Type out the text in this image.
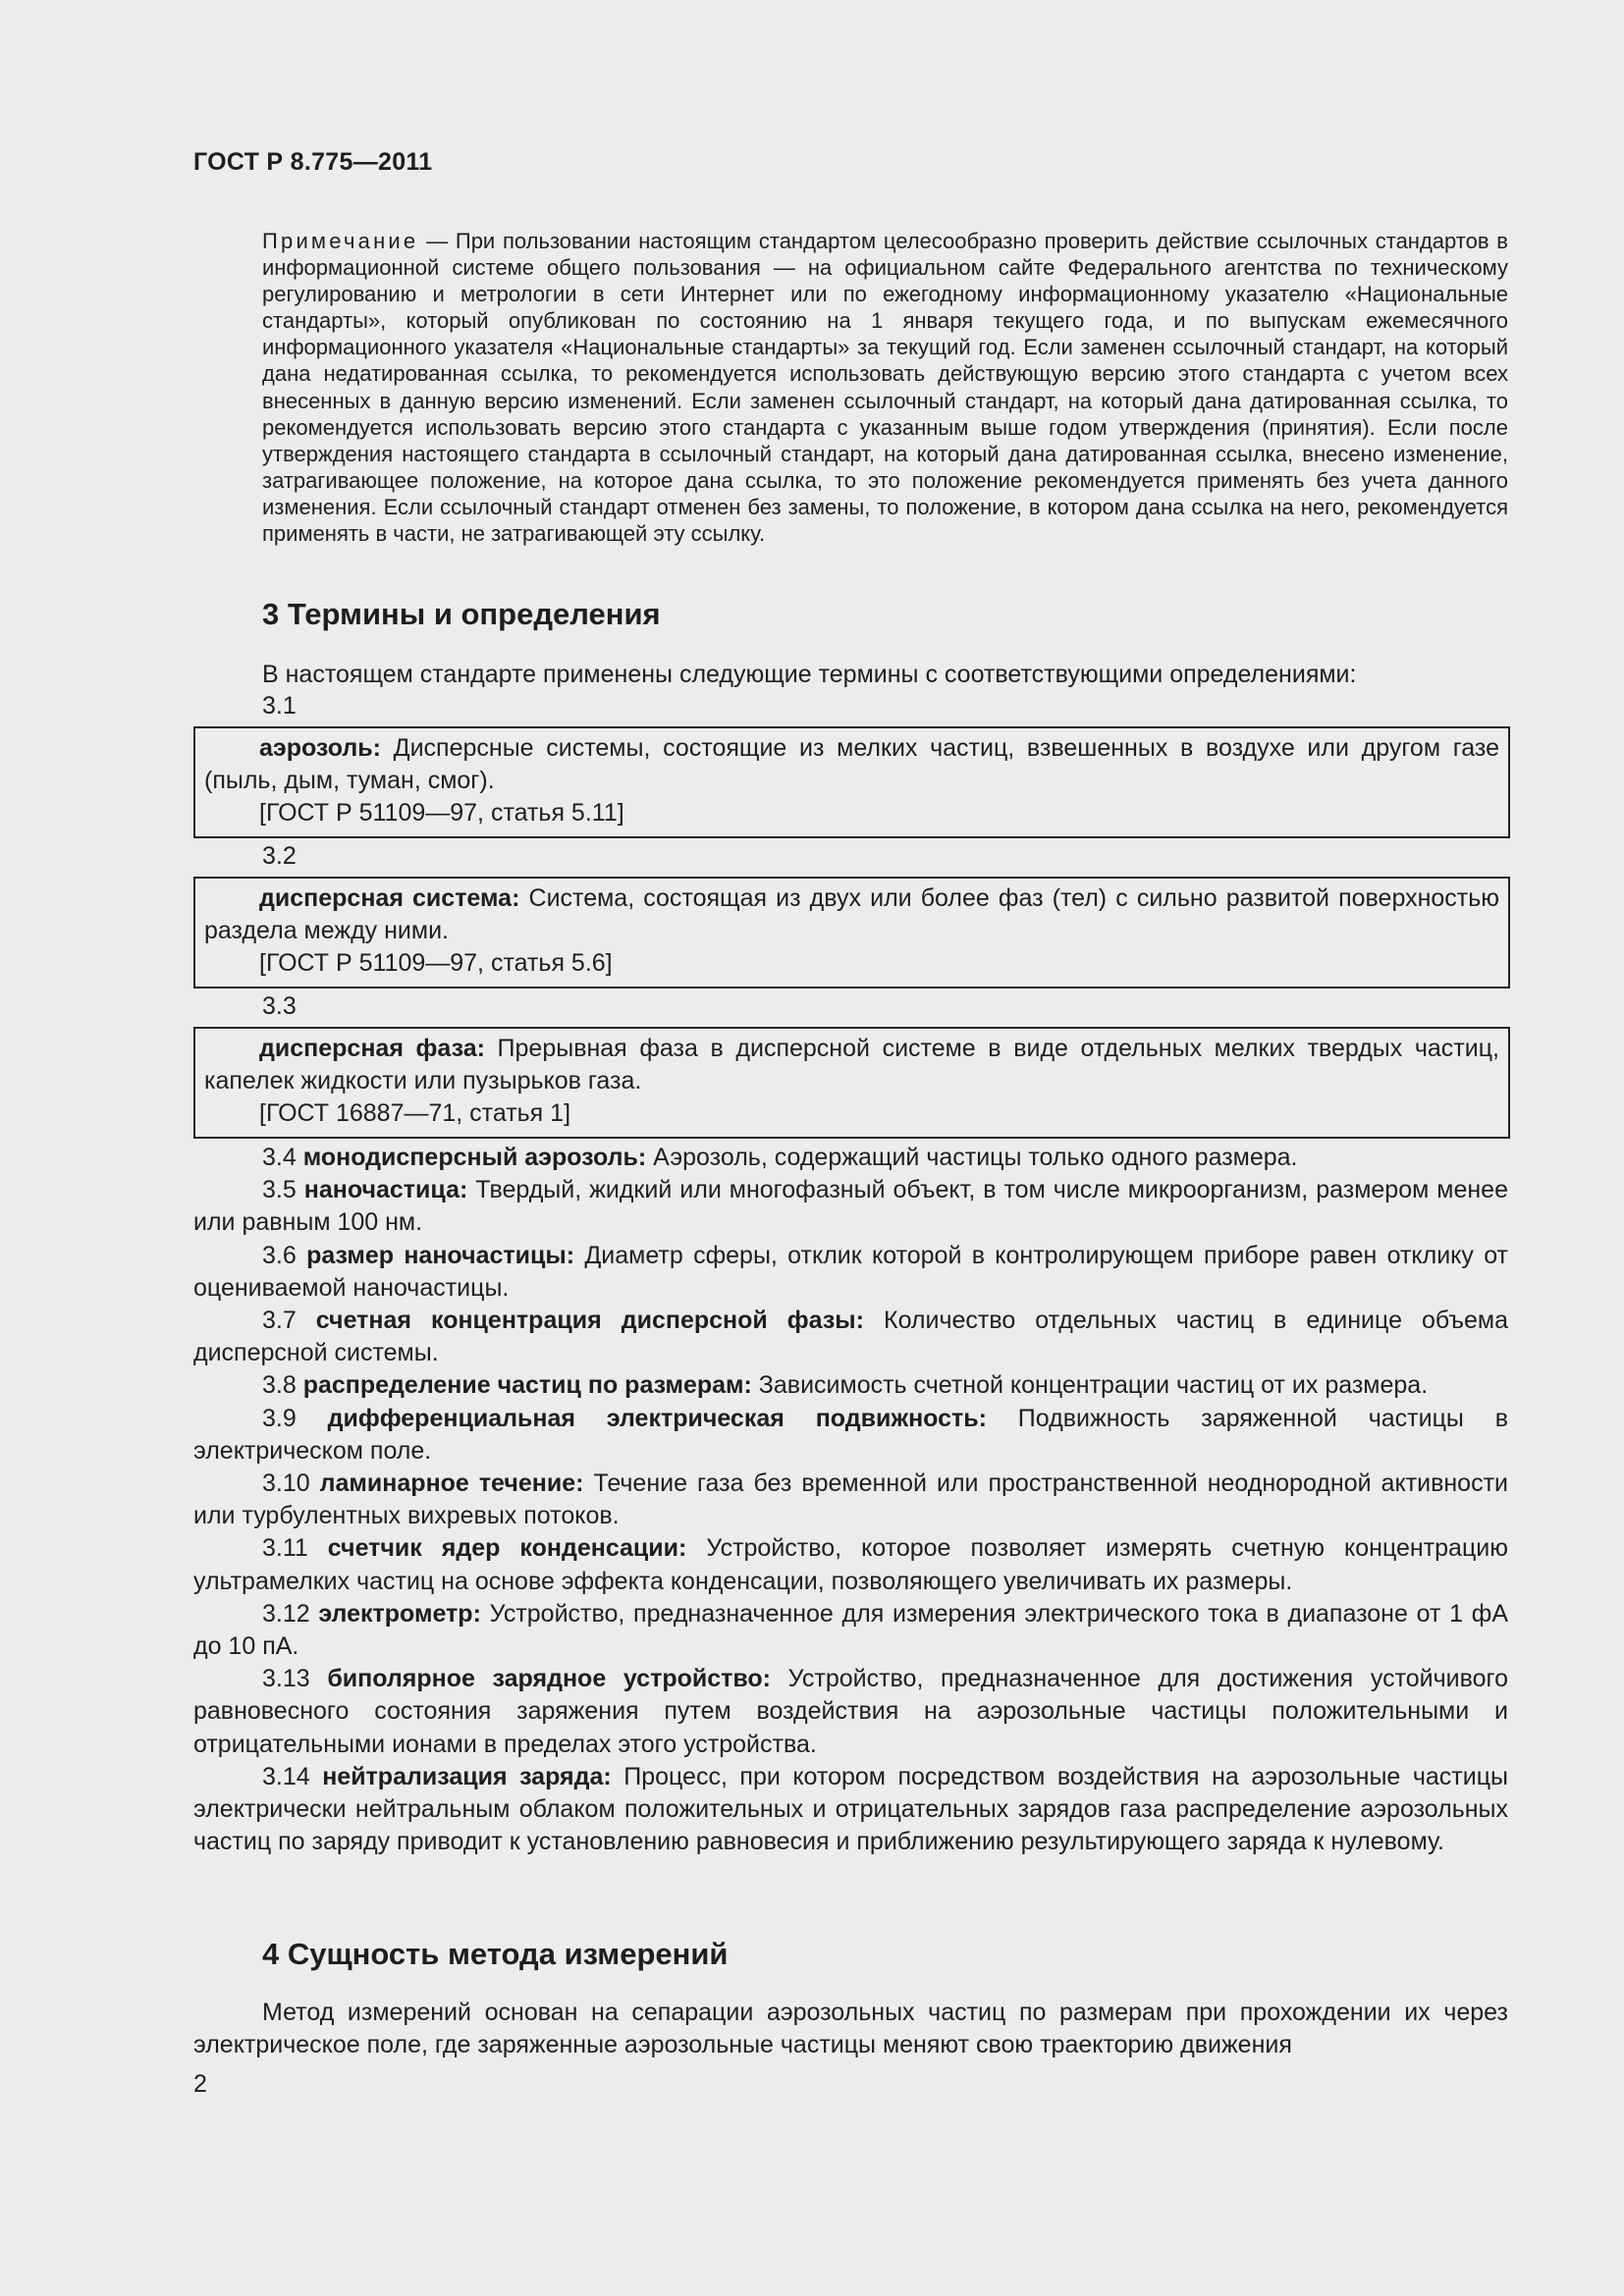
ГОСТ Р 8.775—2011
Примечание — При пользовании настоящим стандартом целесообразно проверить действие ссылочных стандартов в информационной системе общего пользования — на официальном сайте Федерального агентства по техническому регулированию и метрологии в сети Интернет или по ежегодному информационному указателю «Национальные стандарты», который опубликован по состоянию на 1 января текущего года, и по выпускам ежемесячного информационного указателя «Национальные стандарты» за текущий год. Если заменен ссылочный стандарт, на который дана недатированная ссылка, то рекомендуется использовать действующую версию этого стандарта с учетом всех внесенных в данную версию изменений. Если заменен ссылочный стандарт, на который дана датированная ссылка, то рекомендуется использовать версию этого стандарта с указанным выше годом утверждения (принятия). Если после утверждения настоящего стандарта в ссылочный стандарт, на который дана датированная ссылка, внесено изменение, затрагивающее положение, на которое дана ссылка, то это положение рекомендуется применять без учета данного изменения. Если ссылочный стандарт отменен без замены, то положение, в котором дана ссылка на него, рекомендуется применять в части, не затрагивающей эту ссылку.
3 Термины и определения
В настоящем стандарте применены следующие термины с соответствующими определениями:
3.1

аэрозоль: Дисперсные системы, состоящие из мелких частиц, взвешенных в воздухе или другом газе (пыль, дым, туман, смог).

[ГОСТ Р 51109—97, статья 5.11]

3.2

дисперсная система: Система, состоящая из двух или более фаз (тел) с сильно развитой поверхностью раздела между ними.

[ГОСТ Р 51109—97, статья 5.6]

3.3

дисперсная фаза: Прерывная фаза в дисперсной системе в виде отдельных мелких твердых частиц, капелек жидкости или пузырьков газа.

[ГОСТ 16887—71, статья 1]

3.4 монодисперсный аэрозоль: Аэрозоль, содержащий частицы только одного размера.

3.5 наночастица: Твердый, жидкий или многофазный объект, в том числе микроорганизм, размером менее или равным 100 нм.

3.6 размер наночастицы: Диаметр сферы, отклик которой в контролирующем приборе равен отклику от оцениваемой наночастицы.

3.7 счетная концентрация дисперсной фазы: Количество отдельных частиц в единице объема дисперсной системы.

3.8 распределение частиц по размерам: Зависимость счетной концентрации частиц от их размера.

3.9 дифференциальная электрическая подвижность: Подвижность заряженной частицы в электрическом поле.

3.10 ламинарное течение: Течение газа без временной или пространственной неоднородной активности или турбулентных вихревых потоков.

3.11 счетчик ядер конденсации: Устройство, которое позволяет измерять счетную концентрацию ультрамелких частиц на основе эффекта конденсации, позволяющего увеличивать их размеры.

3.12 электрометр: Устройство, предназначенное для измерения электрического тока в диапазоне от 1 фА до 10 пА.

3.13 биполярное зарядное устройство: Устройство, предназначенное для достижения устойчивого равновесного состояния заряжения путем воздействия на аэрозольные частицы положительными и отрицательными ионами в пределах этого устройства.

3.14 нейтрализация заряда: Процесс, при котором посредством воздействия на аэрозольные частицы электрически нейтральным облаком положительных и отрицательных зарядов газа распределение аэрозольных частиц по заряду приводит к установлению равновесия и приближению результирующего заряда к нулевому.

4 Сущность метода измерений

Метод измерений основан на сепарации аэрозольных частиц по размерам при прохождении их через электрическое поле, где заряженные аэрозольные частицы меняют свою траекторию движения

2
